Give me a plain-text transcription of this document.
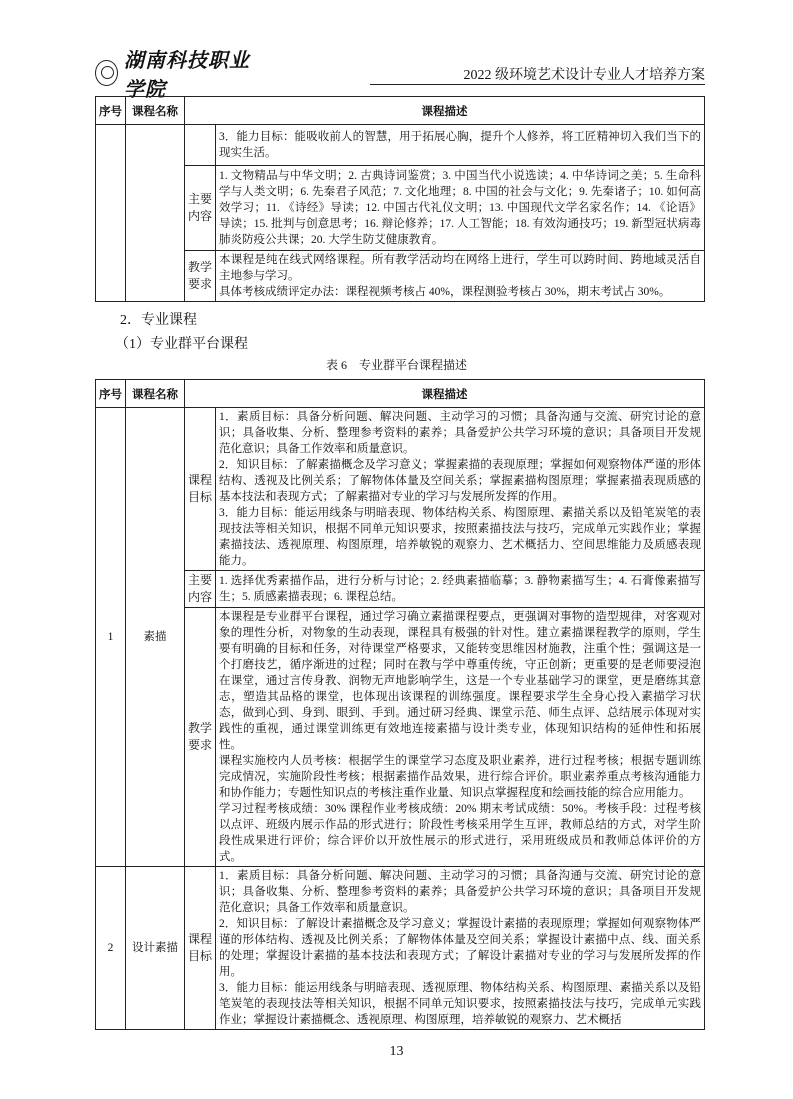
湖南科技职业学院
2022 级环境艺术设计专业人才培养方案
序号	课程名称	课程描述	
			3．能力目标：能吸收前人的智慧，用于拓展心胸，提升个人修养，将工匠精神切入我们当下的现实生活。
		主要内容	1. 文物精品与中华文明；2. 古典诗词鉴赏；3. 中国当代小说选读；4. 中华诗词之美；5. 生命科学与人类文明；6. 先秦君子风范；7. 文化地理；8. 中国的社会与文化；9. 先秦诸子；10. 如何高效学习；11. 《诗经》导读；12. 中国古代礼仪文明；13. 中国现代文学名家名作；14. 《论语》导读；15. 批判与创意思考；16. 辩论修养；17. 人工智能；18. 有效沟通技巧；19. 新型冠状病毒肺炎防疫公共课；20. 大学生防艾健康教育。
		教学要求	本课程是纯在线式网络课程。所有教学活动均在网络上进行，学生可以跨时间、跨地域灵活自主地参与学习。
具体考核成绩评定办法：课程视频考核占 40%，课程测验考核占 30%，期末考试占 30%。
2．专业课程
（1）专业群平台课程
表 6　专业群平台课程描述
序号	课程名称	课程描述	
1	素描	课程目标	1．素质目标：具备分析问题、解决问题、主动学习的习惯；具备沟通与交流、研究讨论的意识；具备收集、分析、整理参考资料的素养；具备爱护公共学习环境的意识；具备项目开发规范化意识；具备工作效率和质量意识。
2．知识目标：了解素描概念及学习意义；掌握素描的表现原理；掌握如何观察物体严谨的形体结构、透视及比例关系；了解物体体量及空间关系；掌握素描构图原理；掌握素描表现质感的基本技法和表现方式；了解素描对专业的学习与发展所发挥的作用。
3．能力目标：能运用线条与明暗表现、物体结构关系、构图原理、素描关系以及铅笔炭笔的表现技法等相关知识，根据不同单元知识要求，按照素描技法与技巧，完成单元实践作业；掌握素描技法、透视原理、构图原理，培养敏锐的观察力、艺术概括力、空间思维能力及质感表现能力。

		主要内容	1. 选择优秀素描作品，进行分析与讨论；2. 经典素描临摹；3. 静物素描写生；4. 石膏像素描写生；5. 质感素描表现；6. 课程总结。
		教学要求	本课程是专业群平台课程，通过学习确立素描课程要点，更强调对事物的造型规律，对客观对象的理性分析，对物象的生动表现，课程具有极强的针对性。建立素描课程教学的原则，学生要有明确的目标和任务，对待课堂严格要求，又能转变思维因材施教，注重个性；强调这是一个打磨技艺，循序渐进的过程；同时在教与学中尊重传统，守正创新；更重要的是老师要浸泡在课堂，通过言传身教、润物无声地影响学生，这是一个专业基础学习的课堂，更是磨练其意志，塑造其品格的课堂，也体现出该课程的训练强度。课程要求学生全身心投入素描学习状态，做到心到、身到、眼到、手到。通过研习经典、课堂示范、师生点评、总结展示体现对实践性的重视，通过课堂训练更有效地连接素描与设计类专业，体现知识结构的延伸性和拓展性。
课程实施校内人员考核：根据学生的课堂学习态度及职业素养，进行过程考核；根据专题训练完成情况，实施阶段性考核；根据素描作品效果，进行综合评价。职业素养重点考核沟通能力和协作能力；专题性知识点的考核注重作业量、知识点掌握程度和绘画技能的综合应用能力。
学习过程考核成绩：30% 课程作业考核成绩：20% 期末考试成绩：50%。考核手段：过程考核以点评、班级内展示作品的形式进行；阶段性考核采用学生互评，教师总结的方式，对学生阶段性成果进行评价；综合评价以开放性展示的形式进行，采用班级成员和教师总体评价的方式。

2	设计素描	课程目标	1．素质目标：具备分析问题、解决问题、主动学习的习惯；具备沟通与交流、研究讨论的意识；具备收集、分析、整理参考资料的素养；具备爱护公共学习环境的意识；具备项目开发规范化意识；具备工作效率和质量意识。
2．知识目标：了解设计素描概念及学习意义；掌握设计素描的表现原理；掌握如何观察物体严谨的形体结构、透视及比例关系；了解物体体量及空间关系；掌握设计素描中点、线、面关系的处理；掌握设计素描的基本技法和表现方式；了解设计素描对专业的学习与发展所发挥的作用。
3．能力目标：能运用线条与明暗表现、透视原理、物体结构关系、构图原理、素描关系以及铅笔炭笔的表现技法等相关知识，根据不同单元知识要求，按照素描技法与技巧，完成单元实践作业；掌握设计素描概念、透视原理、构图原理，培养敏锐的观察力、艺术概括
13
